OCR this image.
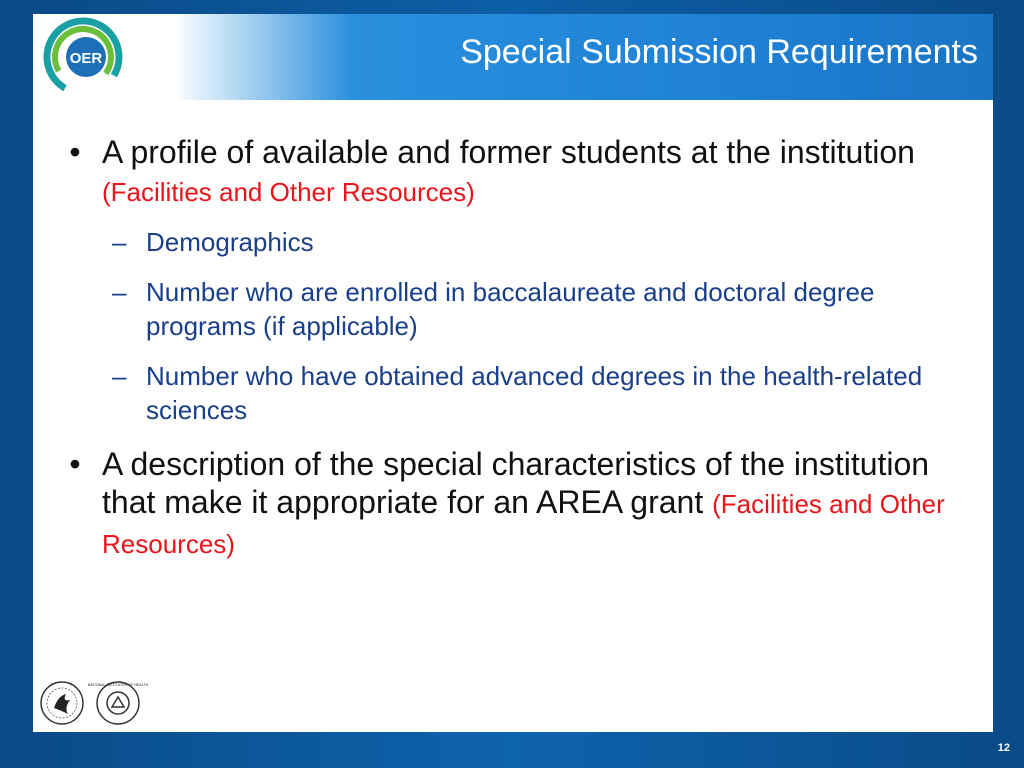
OER	Special Submission Requirements
• A profile of available and former students at the institution (Facilities and Other Resources)
– Demographics
– Number who are enrolled in baccalaureate and doctoral degree programs (if applicable)
– Number who have obtained advanced degrees in the health-related sciences
• A description of the special characteristics of the institution that make it appropriate for an AREA grant (Facilities and Other Resources)
NATIONAL INSTITUTES OF HEALTH
12
